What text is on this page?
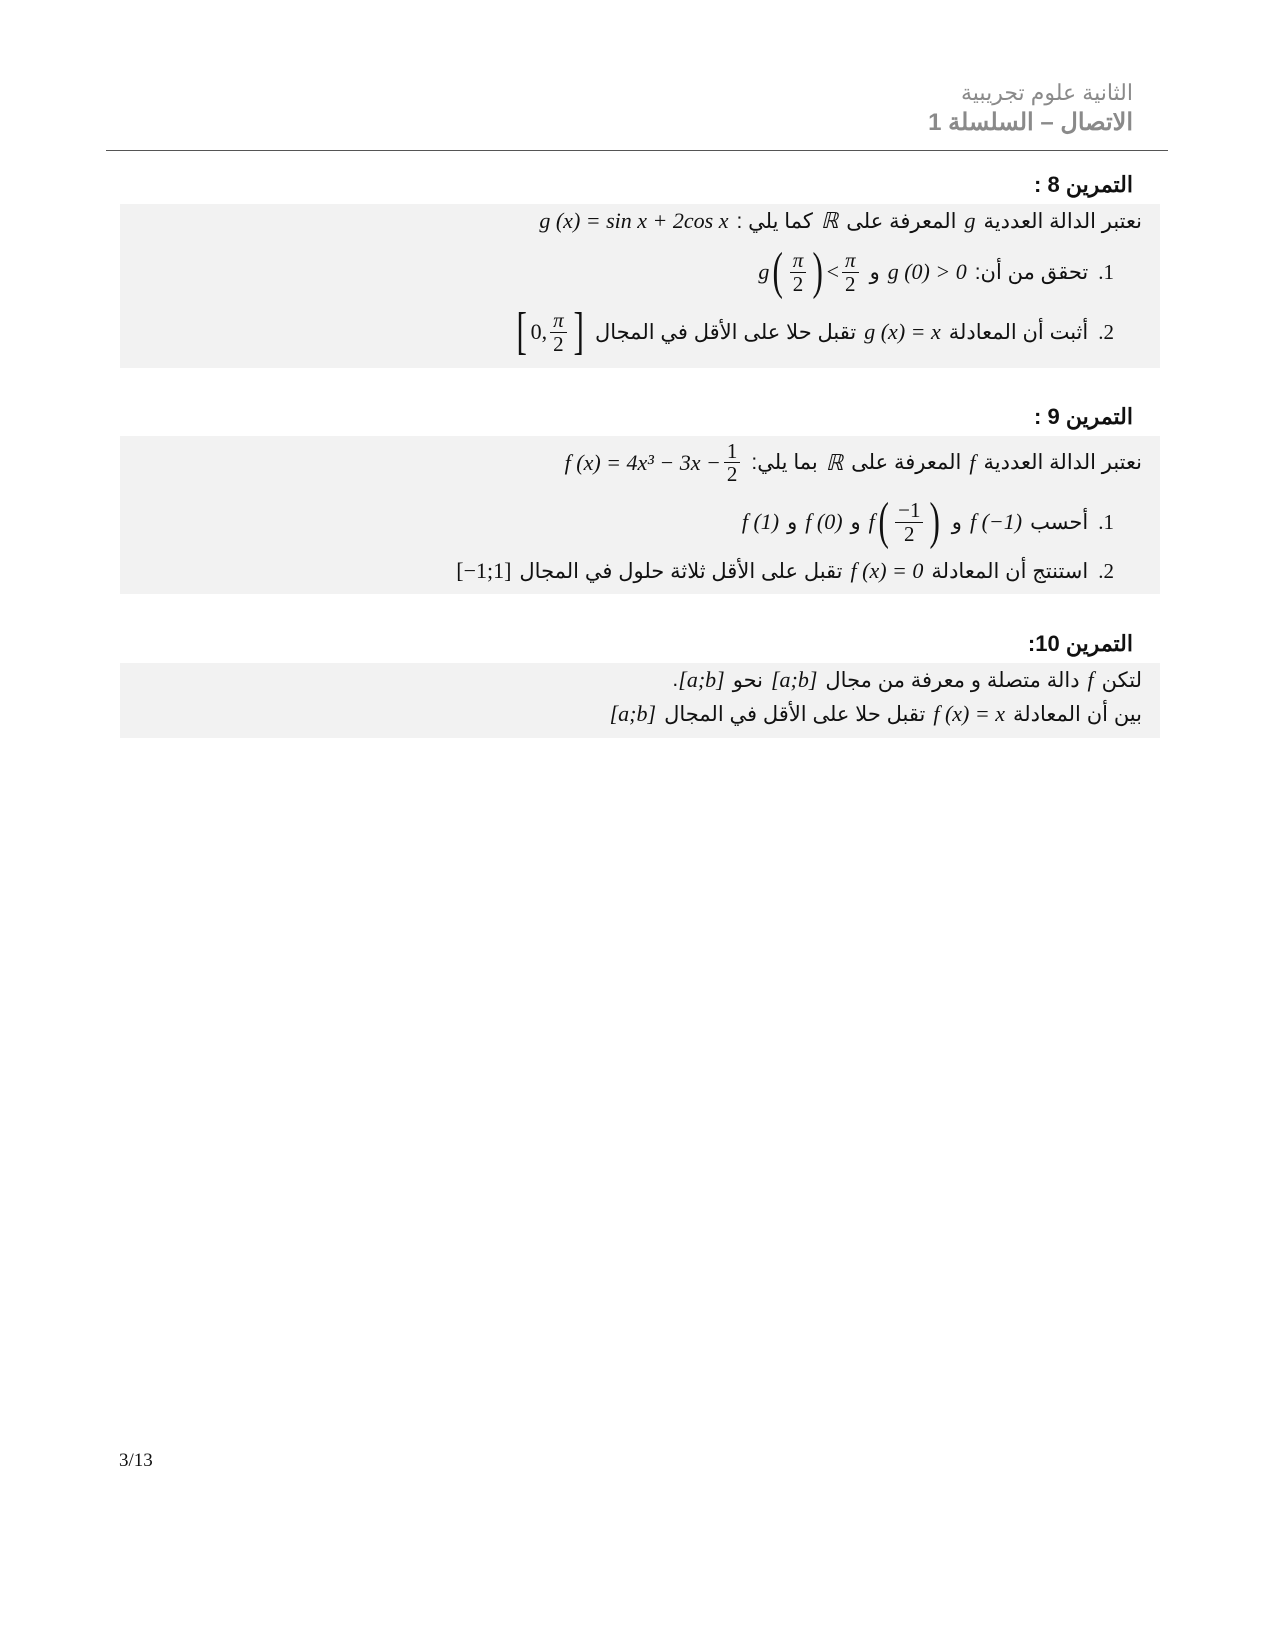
الثانية علوم تجريبية
الاتصال – السلسلة 1
التمرين 8 :
نعتبر الدالة العددية
g
المعرفة على
ℝ
كما يلي :
g (x) = sin x + 2cos x
1.
تحقق من أن:
g (0) > 0
و
g ( $\frac{\pi}{2}$ ) < $\frac{\pi}{2}$
2.
أثبت أن المعادلة
g (x) = x
تقبل حلا على الأقل في المجال
[ 0, $\frac{\pi}{2}$ ]
التمرين 9 :
نعتبر الدالة العددية
f
المعرفة على
ℝ
بما يلي:
f $(x) = 4x^3 - 3x - \frac{1}{2}$
1.
أحسب
f (−1)
و
f ( $\frac{-1}{2}$ )
و
f (0)
و
f (1)
2.
استنتج أن المعادلة
f (x) = 0
تقبل على الأقل ثلاثة حلول في المجال
[−1;1]
التمرين 10:
لتكن
f
دالة متصلة و معرفة من مجال
[a;b]
نحو
[a;b]
.
بين أن المعادلة
f (x) = x
تقبل حلا على الأقل في المجال
[a;b]
3/13
